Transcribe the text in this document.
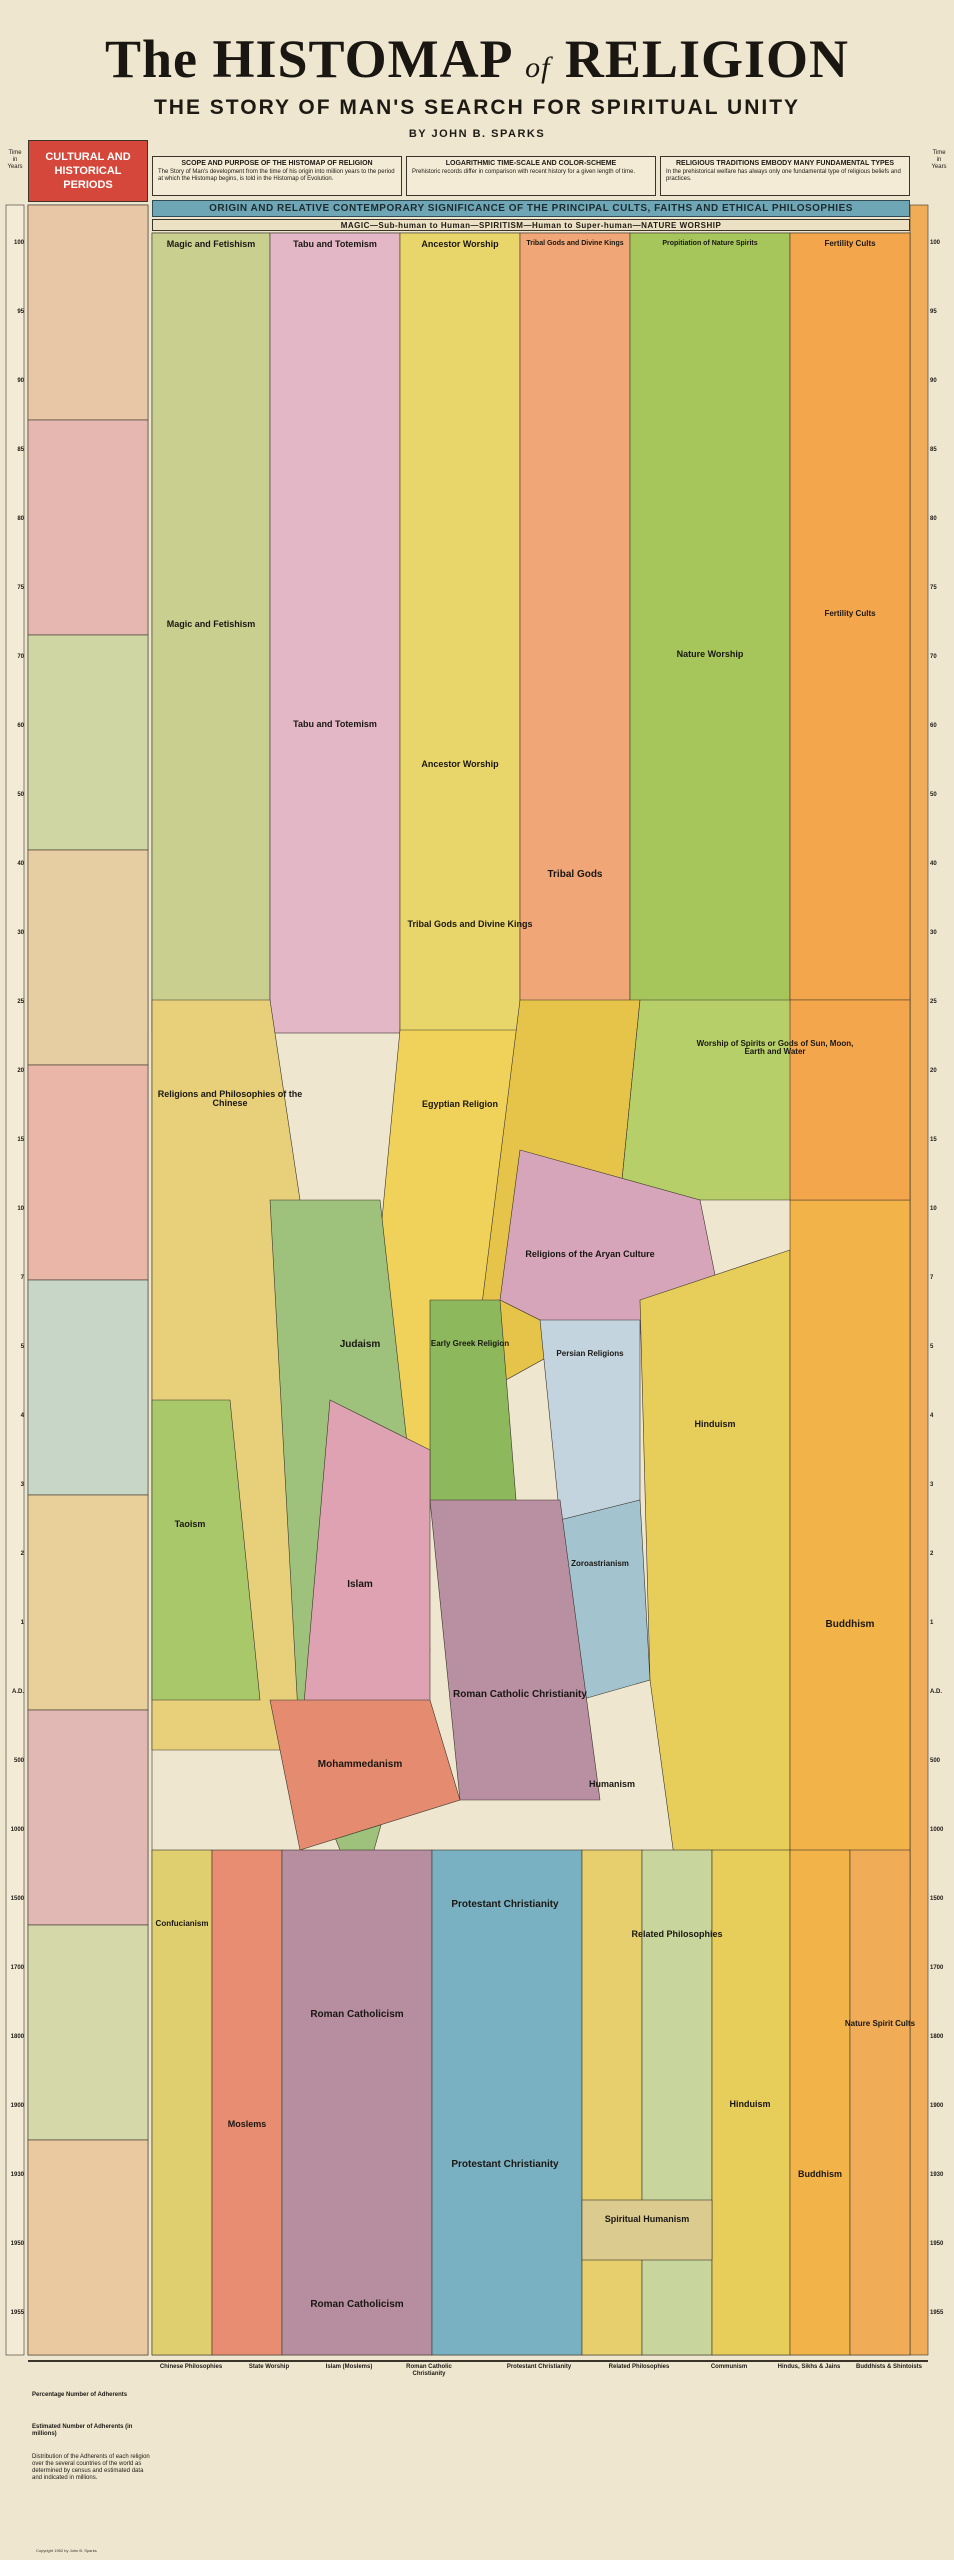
The HISTOMAP of RELIGION
THE STORY OF MAN'S SEARCH FOR SPIRITUAL UNITY
BY JOHN B. SPARKS
Time in Years
Time in Years
CULTURAL AND HISTORICAL PERIODS
SCOPE AND PURPOSE OF THE HISTOMAP OF RELIGION
The Story of Man's development from the time of his origin into million years to the period at which the Histomap begins, is told in the Histomap of Evolution.
LOGARITHMIC TIME-SCALE AND COLOR-SCHEME
Prehistoric records differ in comparison with recent history for a given length of time.
RELIGIOUS TRADITIONS EMBODY MANY FUNDAMENTAL TYPES
In the prehistorical welfare has always only one fundamental type of religious beliefs and practices.
ORIGIN AND RELATIVE CONTEMPORARY SIGNIFICANCE OF THE PRINCIPAL CULTS, FAITHS AND ETHICAL PHILOSOPHIES
MAGIC—Sub-human to Human—SPIRITISM—Human to Super-human—NATURE WORSHIP
Magic and Fetishism	Tabu and Totemism	Ancestor Worship	Tribal Gods and Divine Kings	Propitiation of Nature Spirits	Fertility Cults
Magic and Fetishism
Tabu and Totemism
Ancestor Worship
Tribal Gods
Nature Worship
Fertility Cults
Tribal Gods and Divine Kings
Worship of Spirits or Gods of Sun, Moon, Earth and Water
Religions and Philosophies of the Chinese	Egyptian Religion
Religions of the Aryan Culture
Early Greek Religion
Persian Religions
Zoroastrianism
Hinduism
Judaism
Islam
Mohammedanism
Buddhism
Roman Catholic Christianity
Protestant Christianity
Humanism
Related Philosophies
Spiritual Humanism
Confucianism
Taoism
Moslems
Roman Catholicism
Nature Spirit Cults
Hinduism
Buddhism
Protestant Christianity
Roman Catholicism
100	100
95	95
90	90
85	85
80	80
75	75
70	70
60	60
50	50
40	40
30	30
25	25
20	20
15	15
10	10
7	7
5	5
4	4
3	3
2	2
1	1
A.D.	A.D.
500	500
1000	1000
1500	1500
1700	1700
1800	1800
1900	1900
1930	1930
1950	1950
1955	1955
Percentage Number of Adherents
Estimated Number of Adherents (in millions)
Distribution of the Adherents of each religion over the several countries of the world as determined by census and estimated data and indicated in millions.
Chinese Philosophies	State Worship	Islam (Moslems)	Roman Catholic Christianity
Protestant Christianity	Related Philosophies	Communism	Hindus, Sikhs & Jains	Buddhists & Shintoists
Copyright 1952 by John B. Sparks
